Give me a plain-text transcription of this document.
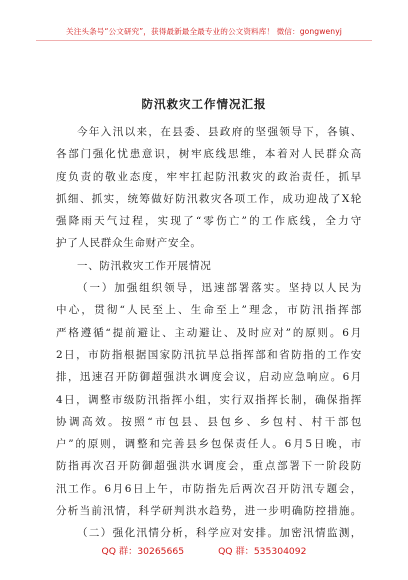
关注头条号“公文研究”，获得最新最全最专业的公文资料库！ 微信：gongwenyj
防汛救灾工作情况汇报
今年入汛以来，在县委、县政府的坚强领导下，各镇、
各部门强化忧患意识，树牢底线思维，本着对人民群众高
度负责的敬业态度，牢牢扛起防汛救灾的政治责任，抓早
抓细、抓实，统筹做好防汛救灾各项工作，成功迎战了X轮
强降雨天气过程，实现了“零伤亡”的工作底线，全力守
护了人民群众生命财产安全。
一、防汛救灾工作开展情况
（一）加强组织领导，迅速部署落实。坚持以人民为
中心，贯彻“人民至上、生命至上”理念，市防汛指挥部
严格遵循“提前避让、主动避让、及时应对”的原则。6月
2日，市防指根据国家防汛抗旱总指挥部和省防指的工作安
排，迅速召开防御超强洪水调度会议，启动应急响应。6月
4日，调整市级防汛指挥小组，实行双指挥长制，确保指挥
协调高效。按照“市包县、县包乡、乡包村、村干部包
户”的原则，调整和完善县乡包保责任人。6月5日晚，市
防指再次召开防御超强洪水调度会，重点部署下一阶段防
汛工作。6月6日上午，市防指先后两次召开防汛专题会，
分析当前汛情，科学研判洪水趋势，进一步明确防控措施。
（二）强化汛情分析，科学应对安排。加密汛情监测，
QQ 群：30265665	QQ 群：535304092
